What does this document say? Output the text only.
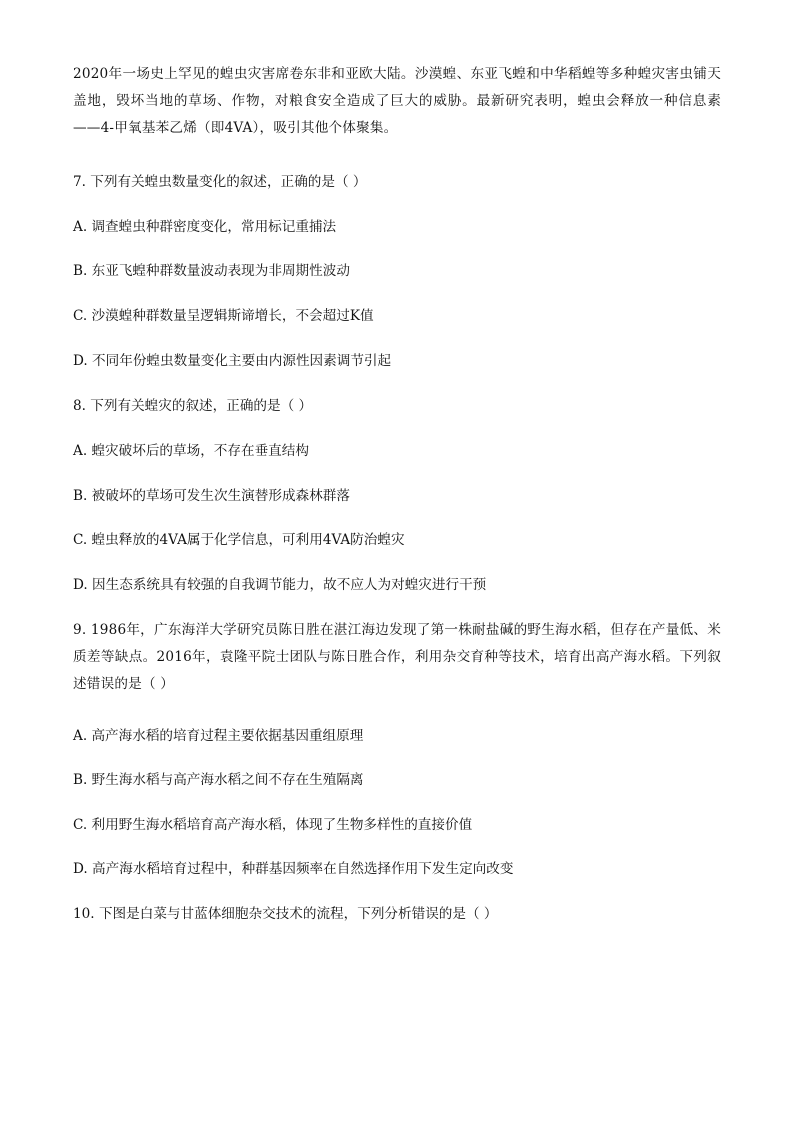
2020年一场史上罕见的蝗虫灾害席卷东非和亚欧大陆。沙漠蝗、东亚飞蝗和中华稻蝗等多种蝗灾害虫铺天盖地，毁坏当地的草场、作物，对粮食安全造成了巨大的威胁。最新研究表明，蝗虫会释放一种信息素——4-甲氧基苯乙烯（即4VA），吸引其他个体聚集。

7. 下列有关蝗虫数量变化的叙述，正确的是（ ）

A. 调查蝗虫种群密度变化，常用标记重捕法

B. 东亚飞蝗种群数量波动表现为非周期性波动

C. 沙漠蝗种群数量呈逻辑斯谛增长，不会超过K值

D. 不同年份蝗虫数量变化主要由内源性因素调节引起

8. 下列有关蝗灾的叙述，正确的是（ ）

A. 蝗灾破坏后的草场，不存在垂直结构

B. 被破坏的草场可发生次生演替形成森林群落

C. 蝗虫释放的4VA属于化学信息，可利用4VA防治蝗灾

D. 因生态系统具有较强的自我调节能力，故不应人为对蝗灾进行干预

9. 1986年，广东海洋大学研究员陈日胜在湛江海边发现了第一株耐盐碱的野生海水稻，但存在产量低、米质差等缺点。2016年，袁隆平院士团队与陈日胜合作，利用杂交育种等技术，培育出高产海水稻。下列叙述错误的是（ ）

A. 高产海水稻的培育过程主要依据基因重组原理

B. 野生海水稻与高产海水稻之间不存在生殖隔离

C. 利用野生海水稻培育高产海水稻，体现了生物多样性的直接价值

D. 高产海水稻培育过程中，种群基因频率在自然选择作用下发生定向改变

10. 下图是白菜与甘蓝体细胞杂交技术的流程，下列分析错误的是（ ）
